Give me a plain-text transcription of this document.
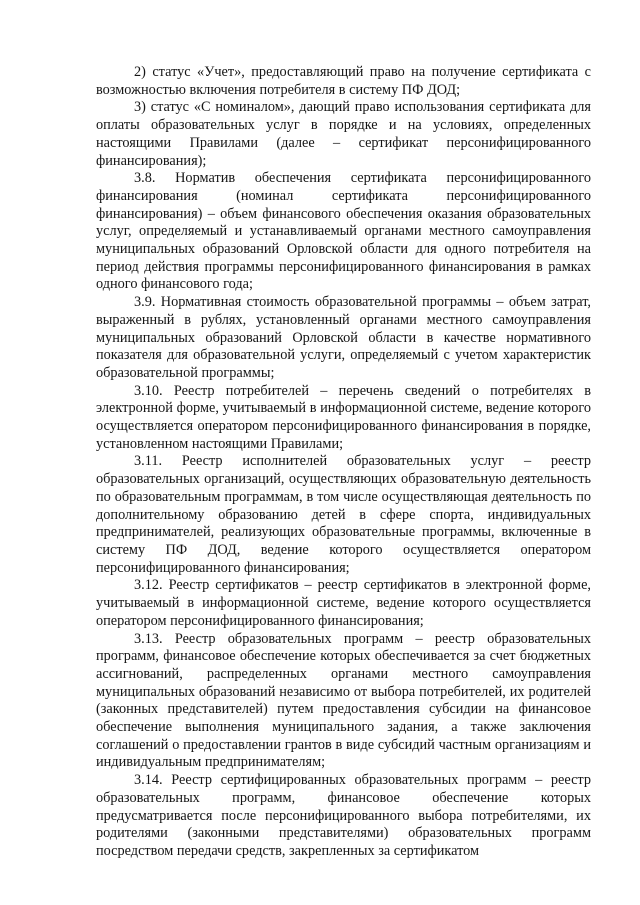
2) статус «Учет», предоставляющий право на получение сертификата с возможностью включения потребителя в систему ПФ ДОД;

3) статус «С номиналом», дающий право использования сертификата для оплаты образовательных услуг в порядке и на условиях, определенных настоящими Правилами (далее – сертификат персонифицированного финансирования);

3.8. Норматив обеспечения сертификата персонифицированного финансирования (номинал сертификата персонифицированного финансирования) – объем финансового обеспечения оказания образовательных услуг, определяемый и устанавливаемый органами местного самоуправления муниципальных образований Орловской области для одного потребителя на период действия программы персонифицированного финансирования в рамках одного финансового года;

3.9. Нормативная стоимость образовательной программы – объем затрат, выраженный в рублях, установленный органами местного самоуправления муниципальных образований Орловской области в качестве нормативного показателя для образовательной услуги, определяемый с учетом характеристик образовательной программы;

3.10. Реестр потребителей – перечень сведений о потребителях в электронной форме, учитываемый в информационной системе, ведение которого осуществляется оператором персонифицированного финансирования в порядке, установленном настоящими Правилами;

3.11. Реестр исполнителей образовательных услуг – реестр образовательных организаций, осуществляющих образовательную деятельность по образовательным программам, в том числе осуществляющая деятельность по дополнительному образованию детей в сфере спорта, индивидуальных предпринимателей, реализующих образовательные программы, включенные в систему ПФ ДОД, ведение которого осуществляется оператором персонифицированного финансирования;

3.12. Реестр сертификатов – реестр сертификатов в электронной форме, учитываемый в информационной системе, ведение которого осуществляется оператором персонифицированного финансирования;

3.13. Реестр образовательных программ – реестр образовательных программ, финансовое обеспечение которых обеспечивается за счет бюджетных ассигнований, распределенных органами местного самоуправления муниципальных образований независимо от выбора потребителей, их родителей (законных представителей) путем предоставления субсидии на финансовое обеспечение выполнения муниципального задания, а также заключения соглашений о предоставлении грантов в виде субсидий частным организациям и индивидуальным предпринимателям;

3.14. Реестр сертифицированных образовательных программ – реестр образовательных программ, финансовое обеспечение которых предусматривается после персонифицированного выбора потребителями, их родителями (законными представителями) образовательных программ посредством передачи средств, закрепленных за сертификатом
